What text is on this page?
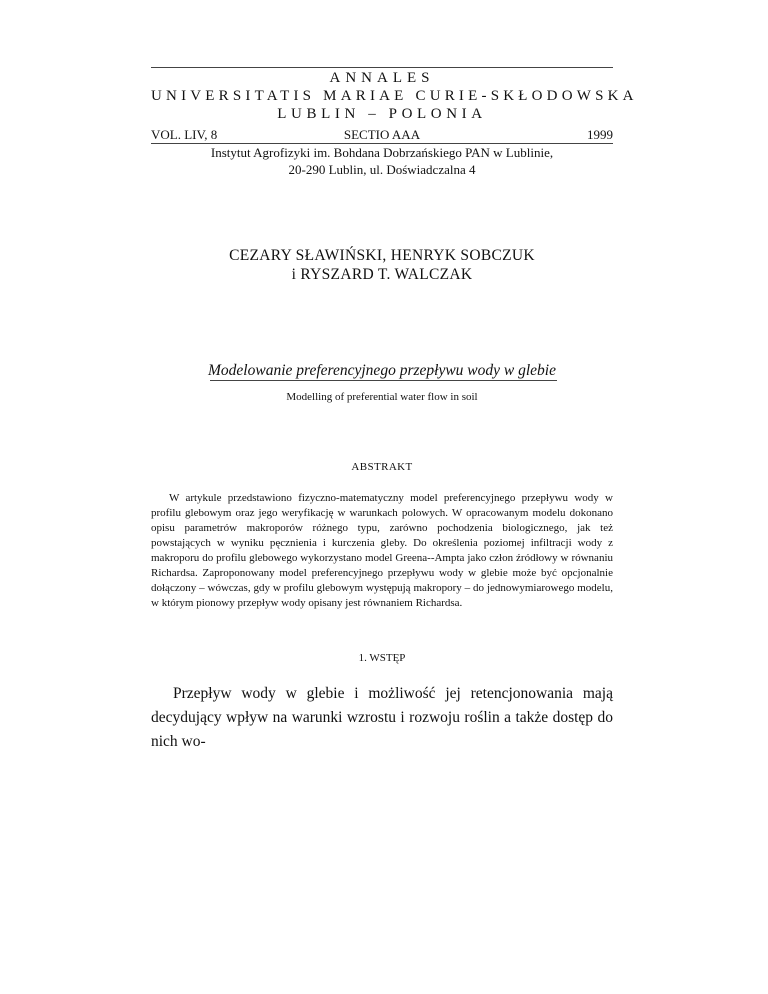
ANNALES
UNIVERSITATIS MARIAE CURIE-SKŁODOWSKA
LUBLIN – POLONIA
VOL. LIV, 8	SECTIO AAA	1999
Instytut Agrofizyki im. Bohdana Dobrzańskiego PAN w Lublinie,
20-290 Lublin, ul. Doświadczalna 4
CEZARY SŁAWIŃSKI, HENRYK SOBCZUK
i RYSZARD T. WALCZAK
Modelowanie preferencyjnego przepływu wody w glebie
Modelling of preferential water flow in soil
ABSTRAKT

W artykule przedstawiono fizyczno-matematyczny model preferencyjnego przepływu wody w profilu glebowym oraz jego weryfikację w warunkach polowych. W opracowanym modelu dokonano opisu parametrów makroporów różnego typu, zarówno pochodzenia biologicznego, jak też powstających w wyniku pęcznienia i kurczenia gleby. Do określenia poziomej infiltracji wody z makroporu do profilu glebowego wykorzystano model Greena--Ampta jako człon źródłowy w równaniu Richardsa. Zaproponowany model preferencyjnego przepływu wody w glebie może być opcjonalnie dołączony – wówczas, gdy w profilu glebowym występują makropory – do jednowymiarowego modelu, w którym pionowy przepływ wody opisany jest równaniem Richardsa.

1. WSTĘP

Przepływ wody w glebie i możliwość jej retencjonowania mają decydujący wpływ na warunki wzrostu i rozwoju roślin a także dostęp do nich wo-
